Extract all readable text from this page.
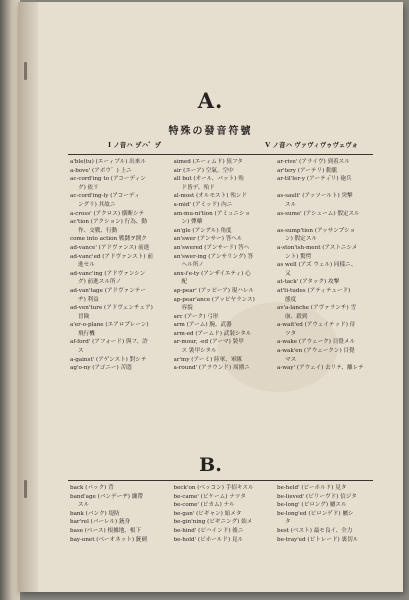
A.
特殊の發音符號
Ⅰ ノ音ハ ヺハ゛ヺ	Ⅴ ノ音ハ ヴァヴィヴゥヴェヴォ
a'ble(tu) (エーィブル) 出來ル
a-bove' (アボウ゛) 上ニ
ac-cord'ing to (アコーディン
グ) 依リ
ac-cord'ing-ly (アコーディ
ングリ) 其故ニ
a-cross' (アクロス) 横断シテ
ac'tion (アクション) 行為、動
作、交戦、行動
come into action 戦鬪ヲ開ク
ad-vance' (アドヴァンス) 前進
ad-vanc'ed (アドヴァンスト) 前
進セル
ad-vanc'ing (アドヴァンシン
グ) 前進スル所ノ
ad-van'tage (アドヴァンテー
ヂ) 利益
ad-ven'ture (アドヴェンチュア)
冒険
a'er-o-plane (エアロプレーン)
飛行機
af-ford' (アフォード) 與フ、許
ス
a-gainst' (アゲンスト) 對シテ
ag'o-ny (アゴニー) 苦悶
aimed (エーィムド) 狙フタ
air (エーア) 空氣、空中
all but (オール、バット) 殆
ド皆デ、殆ド
al-most (オルモスト) 殆ンド
a-mid' (アミッド) 內ニ
am-mu-ni'tion (アミュニショ
ン) 彈藥
an'gle (アングル) 角度
an'swer (アンサー) 答ヘル
an'swered (アンサード) 答ヘ
an'swer-ing (アンサリング) 答
ヘル所ノ
anx-i'e-ty (アンザイエティ) 心
配
ap-pear' (アッピーア) 現ハレル
ap-pear'ance (アッピヤランス)
容貌
arc (アーク) 弓形
arm (アーム) 腕、武器
arm-ed (アームド) 武裝シタル
ar-mour, -ed (アーマ) 裝甲
ス 裝甲シタル
ar'my (アーミ) 陸軍、軍隊
a-round' (アラウンド) 周圍ニ
ar-rive' (アライヴ) 到着スル
ar'tery (アーテリ) 動脈
ar-til'ler-y (アーティ゙リ) 砲兵

as-sault' (アッソールト) 突撃
スル
as-sume' (アシューム) 假定スル

as-sump'tion (アッサンプショ
ン) 假定スル
a-ston'ish-ment (アストニシメ
ント) 驚愕
as well (アズ ウェル) 同樣ニ、
又
at-tack' (アタック) 攻撃
at'ti-tudes (アティテュード)
態度
av'a-lanche (アヴァランチ) 雪
崩、殺到
a-wait'ed (アウェイテッド) 待
ツタ
a-wake (アウェーク) 目覺メル
a-wak'en (アウェークン) 目覺
マス
a-way' (アウェイ) 去リテ、離レテ
B.
back (バック) 背
band'age (バンデーヂ) 繃帶
スル
bank (バンク) 堤防
bar'rel (バーレル) 銃身
base (ベース) 根據地、根下
bay-onet (ベーオネット) 銃劍
beck'on (ベッコン) 手招キスル
be-came' (ビケーム) ナツタ
be-come' (ビカム) ナル
be-gan' (ビギャン) 始メタ
be-gin'ning (ビギニング) 始メ
be-hind' (ビハインド) 後ニ
be-hold' (ビホールド) 見ル
be-held' (ビーホルド) 見タ
be-lieved' (ビリーヴド) 信ジタ
be-long' (ビロング) 屬スル
be-long'ed (ビロンゲド) 屬シ
タ
best (ベスト) 最モ良イ、全力
be-tray'ed (ビトレード) 裏切ル
